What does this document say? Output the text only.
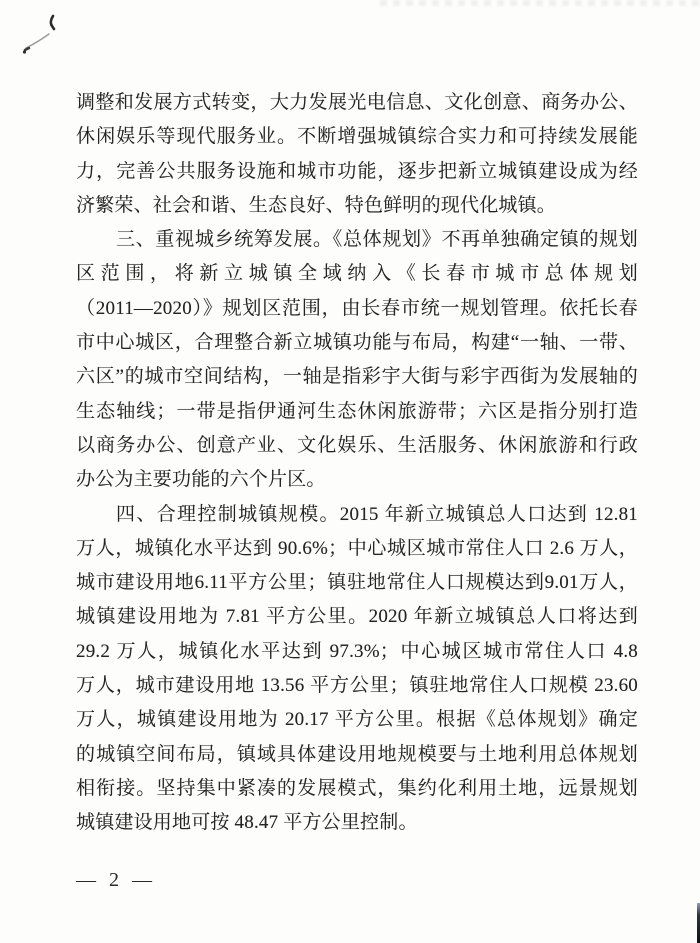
调整和发展方式转变，大力发展光电信息、文化创意、商务办公、
休闲娱乐等现代服务业。不断增强城镇综合实力和可持续发展能
力，完善公共服务设施和城市功能，逐步把新立城镇建设成为经
济繁荣、社会和谐、生态良好、特色鲜明的现代化城镇。
三、重视城乡统筹发展。《总体规划》不再单独确定镇的规划
区范围，将新立城镇全域纳入《长春市城市总体规划
（2011—2020）》规划区范围，由长春市统一规划管理。依托长春
市中心城区，合理整合新立城镇功能与布局，构建“一轴、一带、
六区”的城市空间结构，一轴是指彩宇大街与彩宇西街为发展轴的
生态轴线；一带是指伊通河生态休闲旅游带；六区是指分别打造
以商务办公、创意产业、文化娱乐、生活服务、休闲旅游和行政
办公为主要功能的六个片区。
四、合理控制城镇规模。2015 年新立城镇总人口达到 12.81
万人，城镇化水平达到 90.6%；中心城区城市常住人口 2.6 万人，
城市建设用地6.11平方公里；镇驻地常住人口规模达到9.01万人，
城镇建设用地为 7.81 平方公里。2020 年新立城镇总人口将达到
29.2 万人，城镇化水平达到 97.3%；中心城区城市常住人口 4.8
万人，城市建设用地 13.56 平方公里；镇驻地常住人口规模 23.60
万人，城镇建设用地为 20.17 平方公里。根据《总体规划》确定
的城镇空间布局，镇域具体建设用地规模要与土地利用总体规划
相衔接。坚持集中紧凑的发展模式，集约化利用土地，远景规划
城镇建设用地可按 48.47 平方公里控制。
— 2 —
